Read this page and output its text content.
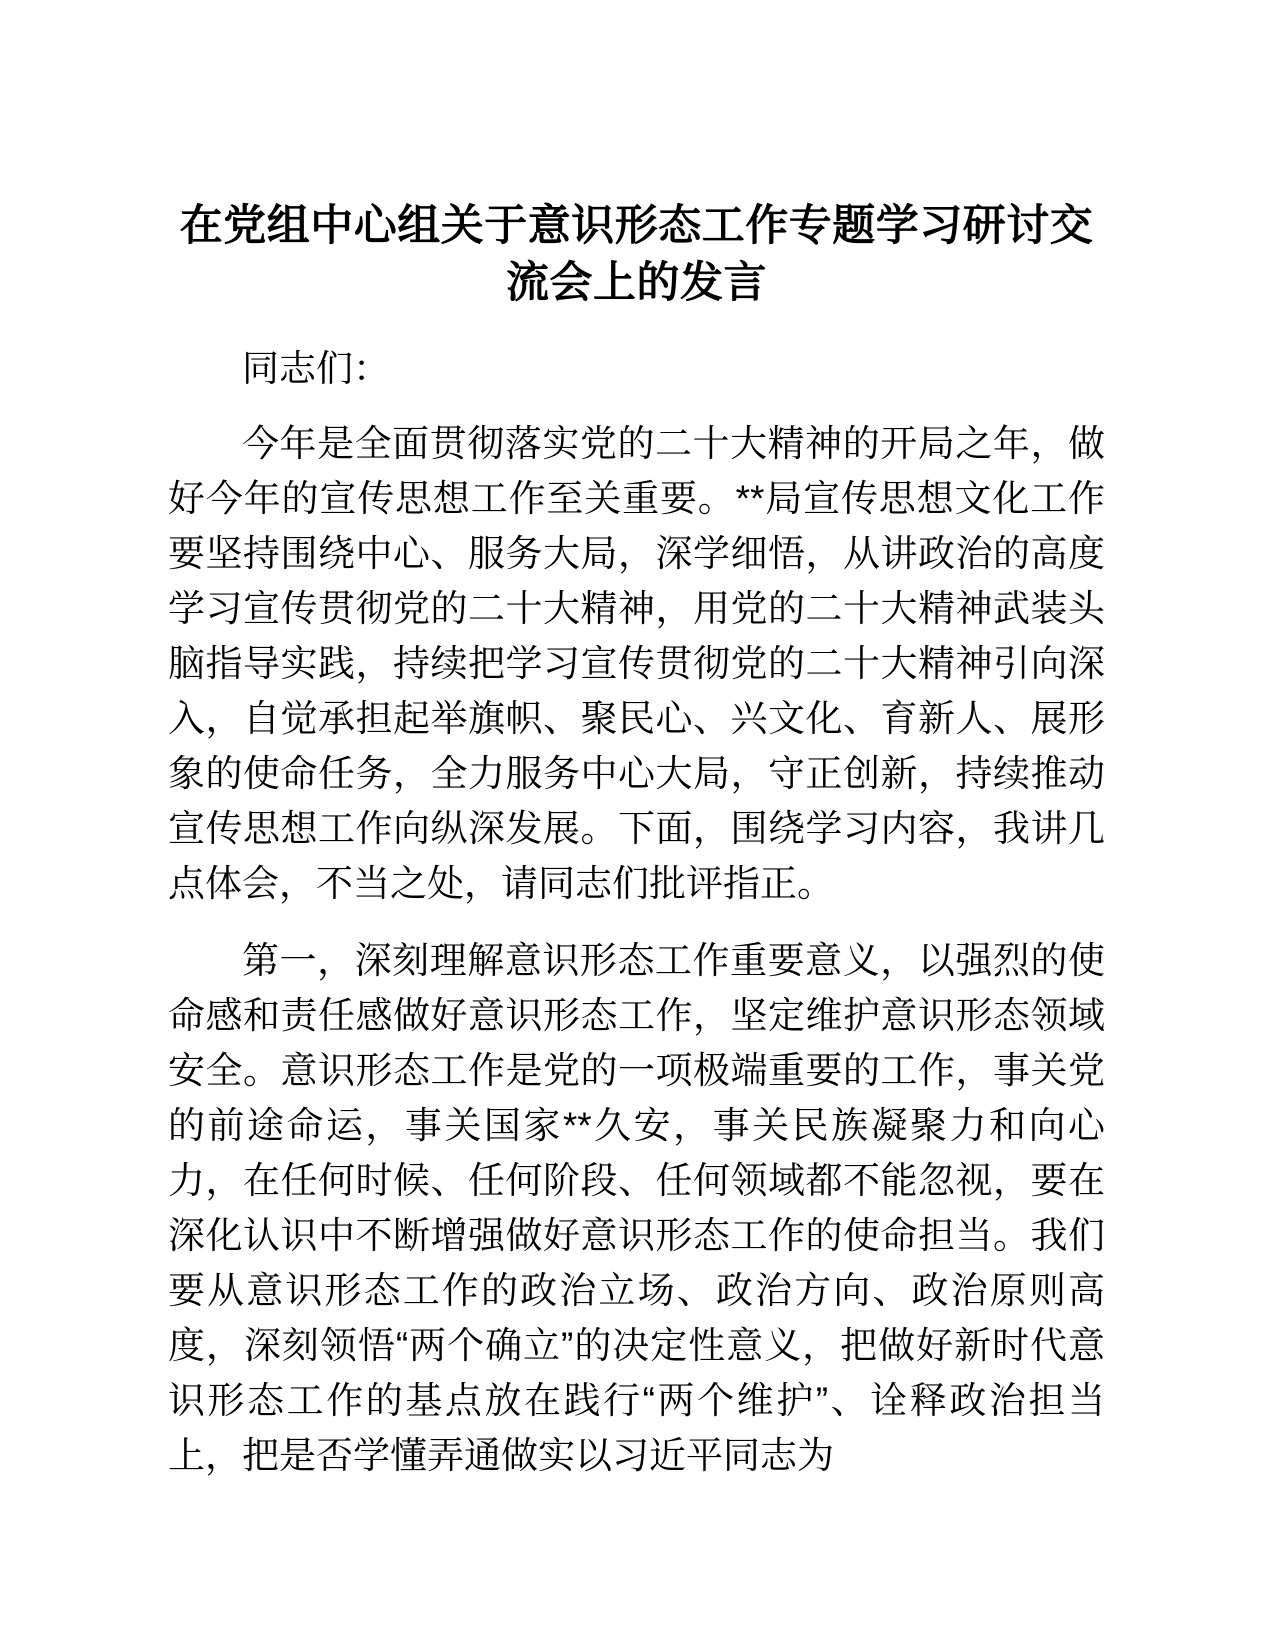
在党组中心组关于意识形态工作专题学习研讨交流会上的发言

同志们：

今年是全面贯彻落实党的二十大精神的开局之年，做好今年的宣传思想工作至关重要。**局宣传思想文化工作要坚持围绕中心、服务大局，深学细悟，从讲政治的高度学习宣传贯彻党的二十大精神，用党的二十大精神武装头脑指导实践，持续把学习宣传贯彻党的二十大精神引向深入，自觉承担起举旗帜、聚民心、兴文化、育新人、展形象的使命任务，全力服务中心大局，守正创新，持续推动宣传思想工作向纵深发展。下面，围绕学习内容，我讲几点体会，不当之处，请同志们批评指正。

第一，深刻理解意识形态工作重要意义，以强烈的使命感和责任感做好意识形态工作，坚定维护意识形态领域安全。意识形态工作是党的一项极端重要的工作，事关党的前途命运，事关国家**久安，事关民族凝聚力和向心力，在任何时候、任何阶段、任何领域都不能忽视，要在深化认识中不断增强做好意识形态工作的使命担当。我们要从意识形态工作的政治立场、政治方向、政治原则高度，深刻领悟“两个确立”的决定性意义，把做好新时代意识形态工作的基点放在践行“两个维护”、诠释政治担当上，把是否学懂弄通做实以习近平同志为
